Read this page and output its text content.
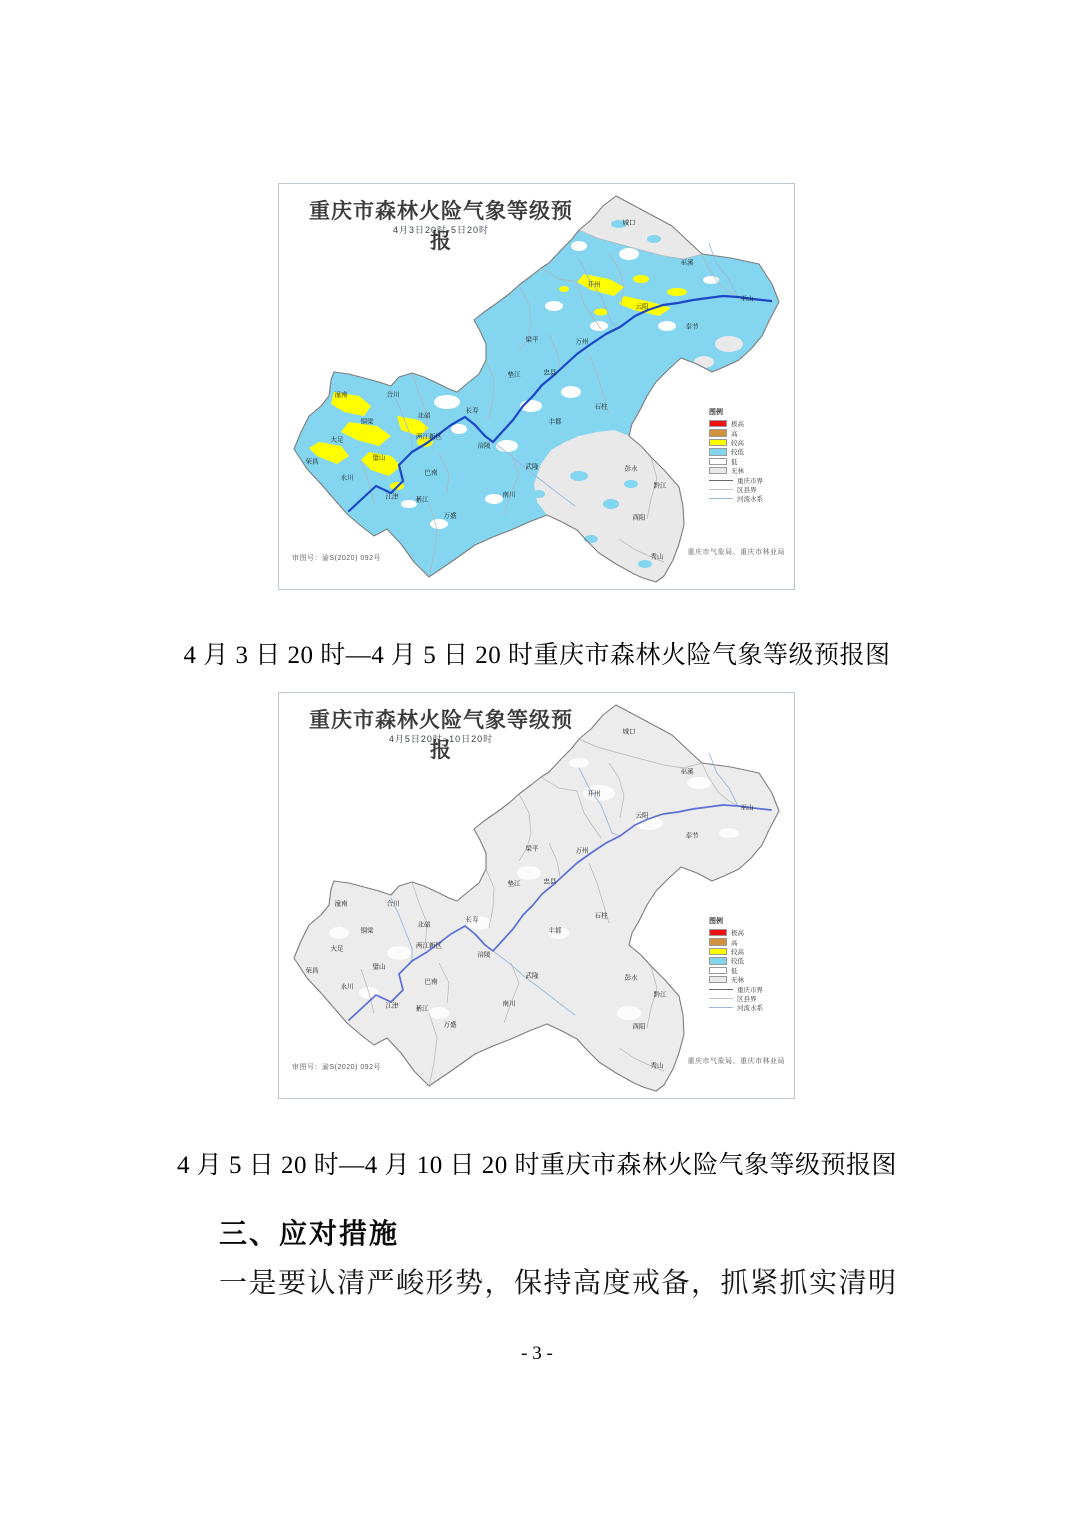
城口
巫溪
巫山
奉节
云阳
开州
万州
梁平
垫江	忠县
石柱
丰都
涪陵
长寿
武隆	彭水
黔江
酉阳
秀山
南川
巴南
綦江
万盛
江津
永川
大足
荣昌
铜梁
潼南	合川
璧山
北碚
两江新区
重庆市森林火险气象等级预报
4月3日20时-5日20时
图例
极高
高
较高
较低
低
无林
重庆市界
区县界
河流水系
审图号：渝S(2020) 092号
重庆市气象局、重庆市林业局

4 月 3 日 20 时—4 月 5 日 20 时重庆市森林火险气象等级预报图

城口
巫溪
巫山
奉节
云阳
开州
万州
梁平
垫江	忠县
石柱
丰都
涪陵
长寿
武隆	彭水
黔江
酉阳
秀山
南川
巴南
綦江
万盛
江津
永川
大足
荣昌
铜梁
潼南	合川
璧山
北碚
两江新区
重庆市森林火险气象等级预报
4月5日20时~10日20时
图例
极高
高
较高
较低
低
无林
重庆市界
区县界
河流水系
审图号：渝S(2020) 092号
重庆市气象局、重庆市林业局

4 月 5 日 20 时—4 月 10 日 20 时重庆市森林火险气象等级预报图

三、应对措施

一是要认清严峻形势，保持高度戒备，抓紧抓实清明

- 3 -
